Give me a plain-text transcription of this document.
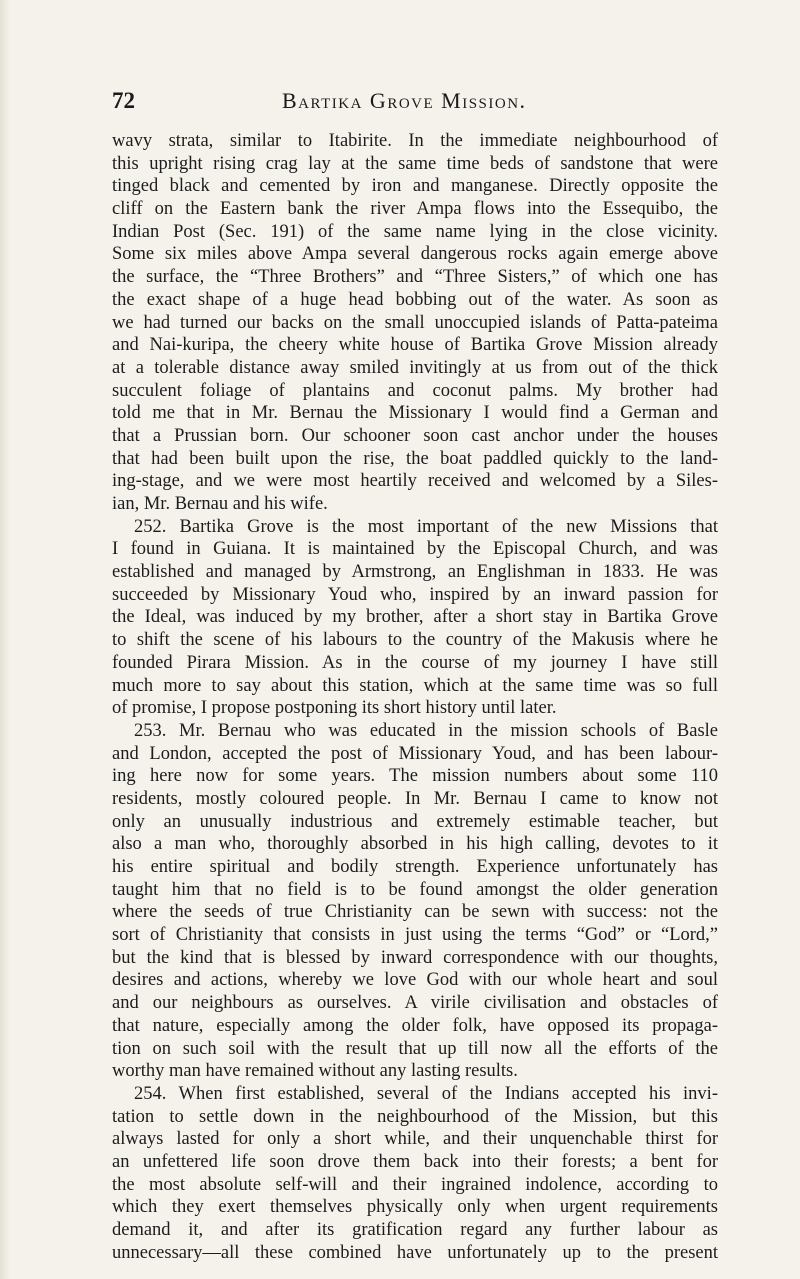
72	Bartika Grove Mission.
wavy strata, similar to Itabirite. In the immediate neighbourhood of
this upright rising crag lay at the same time beds of sandstone that were
tinged black and cemented by iron and manganese. Directly opposite the
cliff on the Eastern bank the river Ampa flows into the Essequibo, the
Indian Post (Sec. 191) of the same name lying in the close vicinity.
Some six miles above Ampa several dangerous rocks again emerge above
the surface, the “Three Brothers” and “Three Sisters,” of which one has
the exact shape of a huge head bobbing out of the water. As soon as
we had turned our backs on the small unoccupied islands of Pa‍tta-pateima
and Nai-kuripa, the cheery white house of Bartika Grove Mission already
at a tolerable distance away smiled invitingly at us from out of the thick
succulent foliage of plantains and coconut palms. My brother had
told me that in Mr. Bernau the Missionary I would find a German and
that a Prussian born. Our schooner soon cast anchor under the houses
that had been built upon the rise, the boat paddled quickly to the land-
ing-stage, and we were most heartily received and welcomed by a Siles-
ian, Mr. Bernau and his wife.
252. Bartika Grove is the most important of the new Missions that
I found in Guiana. It is maintained by the Episcopal Church, and was
established and managed by Armstrong, an Englishman in 1833. He was
succeeded by Missionary Youd who, inspired by an inward passion for
the Ideal, was induced by my brother, after a short stay in Bartika Grove
to shift the scene of his labours to the country of the Makusis where he
founded Pirara Mission. As in the course of my journey I have still
much more to say about this station, which at the same time was so full
of promise, I propose postponing its short history until later.
253. Mr. Bernau who was educated in the mission schools of Basle
and London, accepted the post of Missionary Youd, and has been labour-
ing here now for some years. The mission numbers about some 110
residents, mostly coloured people. In Mr. Bernau I came to know not
only an unusually industrious and extremely estimable teacher, but
also a man who, thoroughly absorbed in his high calling, devotes to it
his entire spiritual and bodily strength. Experience unfortunately has
taught him that no field is to be found amongst the older generation
where the seeds of true Christianity can be sewn with success: not the
sort of Christianity that consists in just using the terms “God” or “Lord,”
but the kind that is blessed by inward correspondence with our thoughts,
desires and actions, whereby we love God with our whole heart and soul
and our neighbours as ourselves. A virile civilisation and obstacles of
that nature, especially among the older folk, have opposed its propaga-
tion on such soil with the result that up till now all the efforts of the
worthy man have remained without any lasting results.
254. When first established, several of the Indians accepted his invi-
tation to settle down in the neighbourhood of the Mission, but this
always lasted for only a short while, and their unquenchable thirst for
an unfettered life soon drove them back into their forests; a bent for
the most absolute self-will and their ingrained indolence, according to
which they exert themselves physically only when urgent requirements
demand it, and after its gratification regard any further labour as
unnecessary—all these combined have unfortunately up to the present
